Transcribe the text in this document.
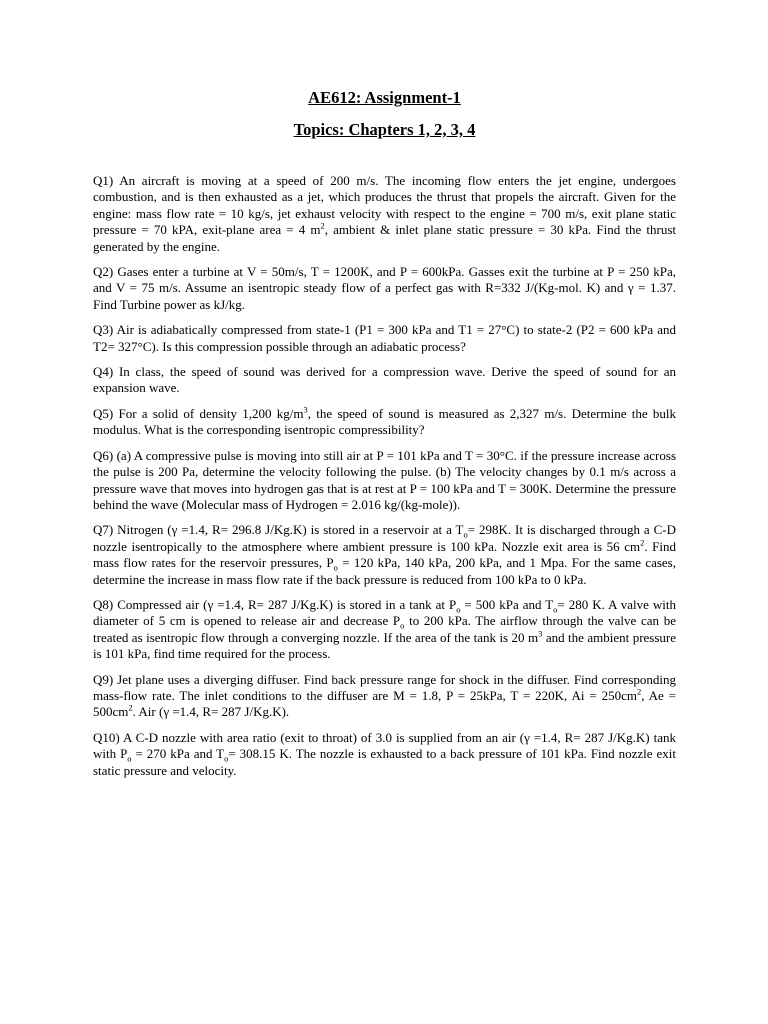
AE612: Assignment-1
Topics: Chapters 1, 2, 3, 4

Q1) An aircraft is moving at a speed of 200 m/s. The incoming flow enters the jet engine, undergoes combustion, and is then exhausted as a jet, which produces the thrust that propels the aircraft. Given for the engine: mass flow rate = 10 kg/s, jet exhaust velocity with respect to the engine = 700 m/s, exit plane static pressure = 70 kPA, exit-plane area = 4 $m^2$, ambient & inlet plane static pressure = 30 kPa. Find the thrust generated by the engine.

Q2) Gases enter a turbine at V = 50m/s, T = 1200K, and P = 600kPa. Gasses exit the turbine at P = 250 kPa, and V = 75 m/s. Assume an isentropic steady flow of a perfect gas with R=332 J/(Kg-mol. K) and γ = 1.37. Find Turbine power as kJ/kg.

Q3) Air is adiabatically compressed from state-1 (P1 = 300 kPa and T1 = 27°C) to state-2 (P2 = 600 kPa and T2= 327°C). Is this compression possible through an adiabatic process?

Q4) In class, the speed of sound was derived for a compression wave. Derive the speed of sound for an expansion wave.

Q5) For a solid of density 1,200 $kg/m^3$, the speed of sound is measured as 2,327 m/s. Determine the bulk modulus. What is the corresponding isentropic compressibility?

Q6) (a) A compressive pulse is moving into still air at P = 101 kPa and T = 30°C. if the pressure increase across the pulse is 200 Pa, determine the velocity following the pulse. (b) The velocity changes by 0.1 m/s across a pressure wave that moves into hydrogen gas that is at rest at P = 100 kPa and T = 300K. Determine the pressure behind the wave (Molecular mass of Hydrogen = 2.016 kg/(kg-mole)).

Q7) Nitrogen (γ =1.4, R= 296.8 J/Kg.K) is stored in a reservoir at a $T_o= 298K$. It is discharged through a C-D nozzle isentropically to the atmosphere where ambient pressure is 100 kPa. Nozzle exit area is 56 $cm^2$. Find mass flow rates for the reservoir pressures, $P_o = 120$ kPa, 140 kPa, 200 kPa, and 1 Mpa. For the same cases, determine the increase in mass flow rate if the back pressure is reduced from 100 kPa to 0 kPa.

Q8) Compressed air (γ =1.4, R= 287 J/Kg.K) is stored in a tank at $P_o = 500$ kPa and $T_o= 280$ K. A valve with diameter of 5 cm is opened to release air and decrease $P_o$ to 200 kPa. The airflow through the valve can be treated as isentropic flow through a converging nozzle. If the area of the tank is 20 $m^3$ and the ambient pressure is 101 kPa, find time required for the process.

Q9) Jet plane uses a diverging diffuser. Find back pressure range for shock in the diffuser. Find corresponding mass-flow rate. The inlet conditions to the diffuser are M = 1.8, P = 25kPa, T = 220K, $Ai = 250cm^2$, $Ae = 500cm^2$. Air (γ =1.4, R= 287 J/Kg.K).

Q10) A C-D nozzle with area ratio (exit to throat) of 3.0 is supplied from an air (γ =1.4, R= 287 J/Kg.K) tank with $P_o = 270$ kPa and $T_o= 308.15$ K. The nozzle is exhausted to a back pressure of 101 kPa. Find nozzle exit static pressure and velocity.
